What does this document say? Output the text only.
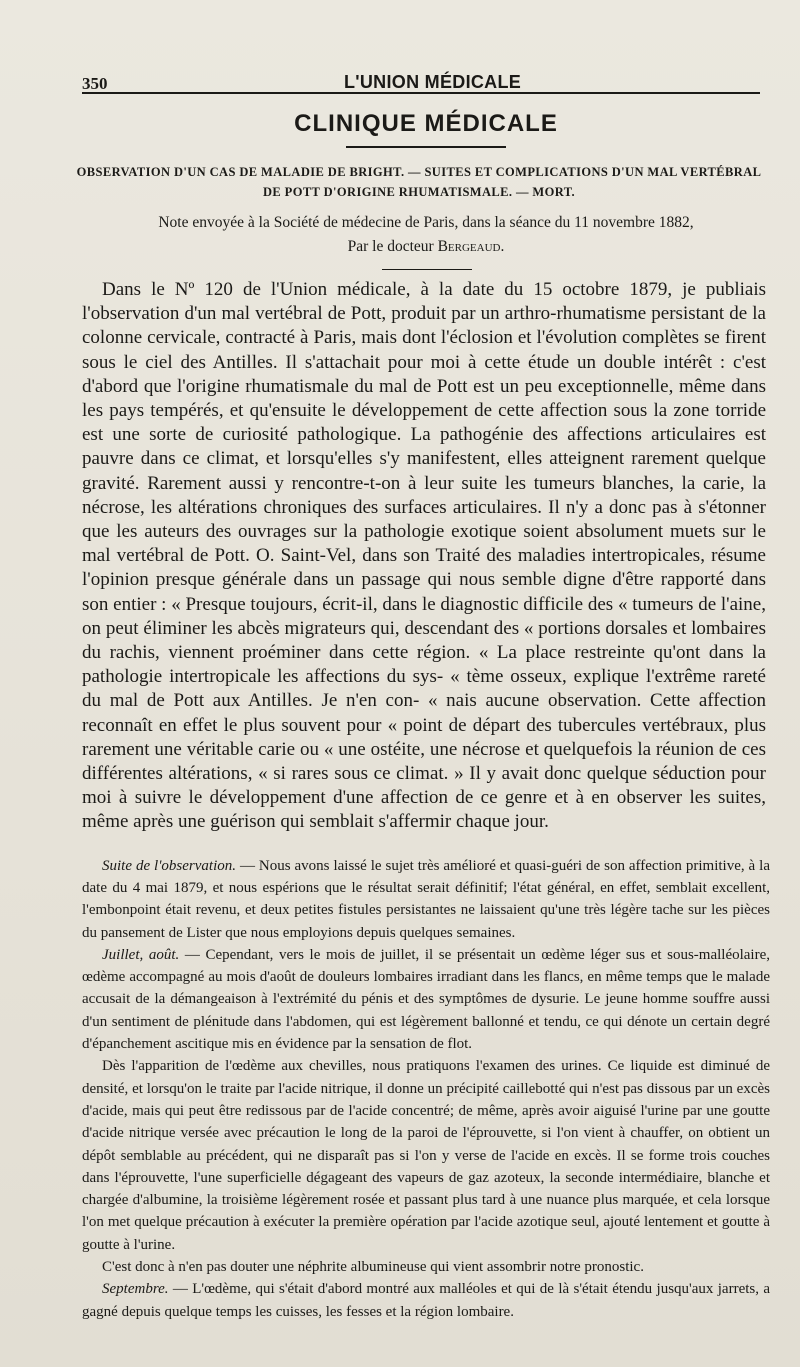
350	L'UNION MÉDICALE
CLINIQUE MÉDICALE
OBSERVATION D'UN CAS DE MALADIE DE BRIGHT. — SUITES ET COMPLICATIONS D'UN MAL VERTÉBRAL DE POTT D'ORIGINE RHUMATISMALE. — MORT.
Note envoyée à la Société de médecine de Paris, dans la séance du 11 novembre 1882,
Par le docteur Bergeaud.

Dans le Nº 120 de l'Union médicale, à la date du 15 octobre 1879, je publiais l'observation d'un mal vertébral de Pott, produit par un arthro-rhumatisme persistant de la colonne cervicale, contracté à Paris, mais dont l'éclosion et l'évolution complètes se firent sous le ciel des Antilles. Il s'attachait pour moi à cette étude un double intérêt : c'est d'abord que l'origine rhumatismale du mal de Pott est un peu exceptionnelle, même dans les pays tempérés, et qu'ensuite le développement de cette affection sous la zone torride est une sorte de curiosité pathologique. La pathogénie des affections articulaires est pauvre dans ce climat, et lorsqu'elles s'y manifestent, elles atteignent rarement quelque gravité. Rarement aussi y rencontre-t-on à leur suite les tumeurs blanches, la carie, la nécrose, les altérations chroniques des surfaces articulaires. Il n'y a donc pas à s'étonner que les auteurs des ouvrages sur la pathologie exotique soient absolument muets sur le mal vertébral de Pott. O. Saint-Vel, dans son Traité des maladies intertropicales, résume l'opinion presque générale dans un passage qui nous semble digne d'être rapporté dans son entier : « Presque toujours, écrit-il, dans le diagnostic difficile des « tumeurs de l'aine, on peut éliminer les abcès migrateurs qui, descendant des « portions dorsales et lombaires du rachis, viennent proéminer dans cette région. « La place restreinte qu'ont dans la pathologie intertropicale les affections du sys- « tème osseux, explique l'extrême rareté du mal de Pott aux Antilles. Je n'en con- « nais aucune observation. Cette affection reconnaît en effet le plus souvent pour « point de départ des tubercules vertébraux, plus rarement une véritable carie ou « une ostéite, une nécrose et quelquefois la réunion de ces différentes altérations, « si rares sous ce climat. » Il y avait donc quelque séduction pour moi à suivre le développement d'une affection de ce genre et à en observer les suites, même après une guérison qui semblait s'affermir chaque jour.

Suite de l'observation. — Nous avons laissé le sujet très amélioré et quasi-guéri de son affection primitive, à la date du 4 mai 1879, et nous espérions que le résultat serait définitif; l'état général, en effet, semblait excellent, l'embonpoint était revenu, et deux petites fistules persistantes ne laissaient qu'une très légère tache sur les pièces du pansement de Lister que nous employions depuis quelques semaines.

Juillet, août. — Cependant, vers le mois de juillet, il se présentait un œdème léger sus et sous-malléolaire, œdème accompagné au mois d'août de douleurs lombaires irradiant dans les flancs, en même temps que le malade accusait de la démangeaison à l'extrémité du pénis et des symptômes de dysurie. Le jeune homme souffre aussi d'un sentiment de plénitude dans l'abdomen, qui est légèrement ballonné et tendu, ce qui dénote un certain degré d'épanchement ascitique mis en évidence par la sensation de flot.

Dès l'apparition de l'œdème aux chevilles, nous pratiquons l'examen des urines. Ce liquide est diminué de densité, et lorsqu'on le traite par l'acide nitrique, il donne un précipité caillebotté qui n'est pas dissous par un excès d'acide, mais qui peut être redissous par de l'acide concentré; de même, après avoir aiguisé l'urine par une goutte d'acide nitrique versée avec précaution le long de la paroi de l'éprouvette, si l'on vient à chauffer, on obtient un dépôt semblable au précédent, qui ne disparaît pas si l'on y verse de l'acide en excès. Il se forme trois couches dans l'éprouvette, l'une superficielle dégageant des vapeurs de gaz azoteux, la seconde intermédiaire, blanche et chargée d'albumine, la troisième légèrement rosée et passant plus tard à une nuance plus marquée, et cela lorsque l'on met quelque précaution à exécuter la première opération par l'acide azotique seul, ajouté lentement et goutte à goutte à l'urine.

C'est donc à n'en pas douter une néphrite albumineuse qui vient assombrir notre pronostic.

Septembre. — L'œdème, qui s'était d'abord montré aux malléoles et qui de là s'était étendu jusqu'aux jarrets, a gagné depuis quelque temps les cuisses, les fesses et la région lombaire.
